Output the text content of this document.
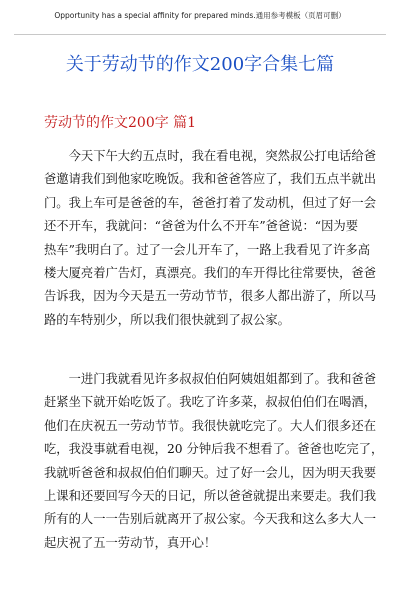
Opportunity has a special affinity for prepared minds.通用参考模板（页眉可删）
关于劳动节的作文200字合集七篇
劳动节的作文200字 篇1
　　今天下午大约五点时，我在看电视，突然叔公打电话给爸
爸邀请我们到他家吃晚饭。我和爸爸答应了，我们五点半就出
门。我上车可是爸爸的车，爸爸打着了发动机，但过了好一会
还不开车，我就问：“爸爸为什么不开车”爸爸说：“因为要
热车”我明白了。过了一会儿开车了，一路上我看见了许多高
楼大厦亮着广告灯，真漂亮。我们的车开得比往常要快，爸爸
告诉我，因为今天是五一劳动节节，很多人都出游了，所以马
路的车特别少，所以我们很快就到了叔公家。
　　一进门我就看见许多叔叔伯伯阿姨姐姐都到了。我和爸爸
赶紧坐下就开始吃饭了。我吃了许多菜，叔叔伯伯们在喝酒，
他们在庆祝五一劳动节节。我很快就吃完了。大人们很多还在
吃，我没事就看电视，20 分钟后我不想看了。爸爸也吃完了，
我就听爸爸和叔叔伯伯们聊天。过了好一会儿，因为明天我要
上课和还要回写今天的日记，所以爸爸就提出来要走。我们我
所有的人一一告别后就离开了叔公家。今天我和这么多大人一
起庆祝了五一劳动节，真开心！
